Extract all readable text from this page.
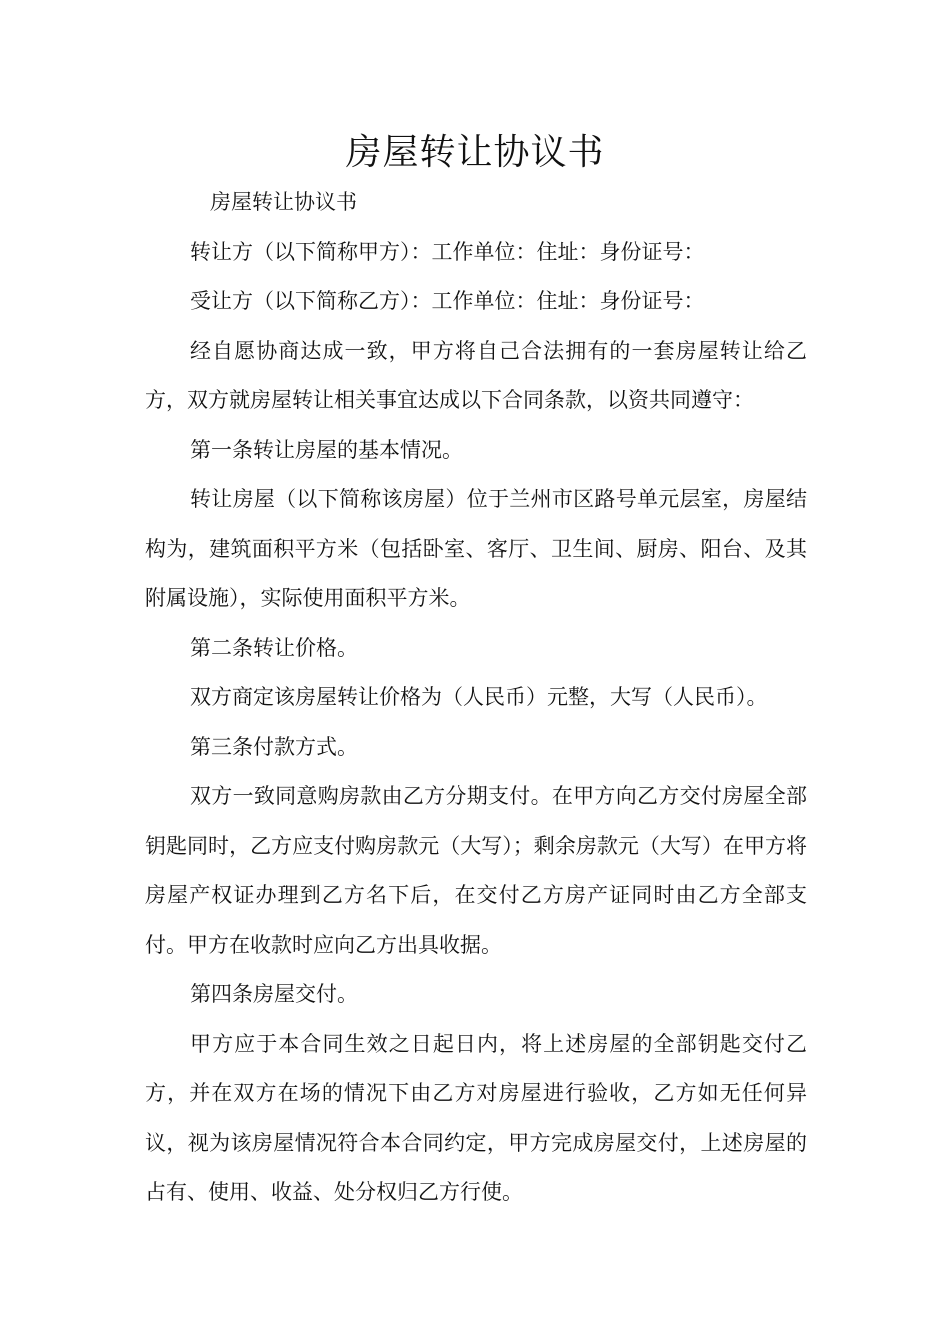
房屋转让协议书

房屋转让协议书

转让方（以下简称甲方）：工作单位：住址：身份证号：

受让方（以下简称乙方）：工作单位：住址：身份证号：

经自愿协商达成一致，甲方将自己合法拥有的一套房屋转让给乙方，双方就房屋转让相关事宜达成以下合同条款，以资共同遵守：

第一条转让房屋的基本情况。

转让房屋（以下简称该房屋）位于兰州市区路号单元层室，房屋结构为，建筑面积平方米（包括卧室、客厅、卫生间、厨房、阳台、及其附属设施），实际使用面积平方米。

第二条转让价格。

双方商定该房屋转让价格为（人民币）元整，大写（人民币）。

第三条付款方式。

双方一致同意购房款由乙方分期支付。在甲方向乙方交付房屋全部钥匙同时，乙方应支付购房款元（大写）；剩余房款元（大写）在甲方将房屋产权证办理到乙方名下后，在交付乙方房产证同时由乙方全部支付。甲方在收款时应向乙方出具收据。

第四条房屋交付。

甲方应于本合同生效之日起日内，将上述房屋的全部钥匙交付乙方，并在双方在场的情况下由乙方对房屋进行验收，乙方如无任何异议，视为该房屋情况符合本合同约定，甲方完成房屋交付，上述房屋的占有、使用、收益、处分权归乙方行使。
